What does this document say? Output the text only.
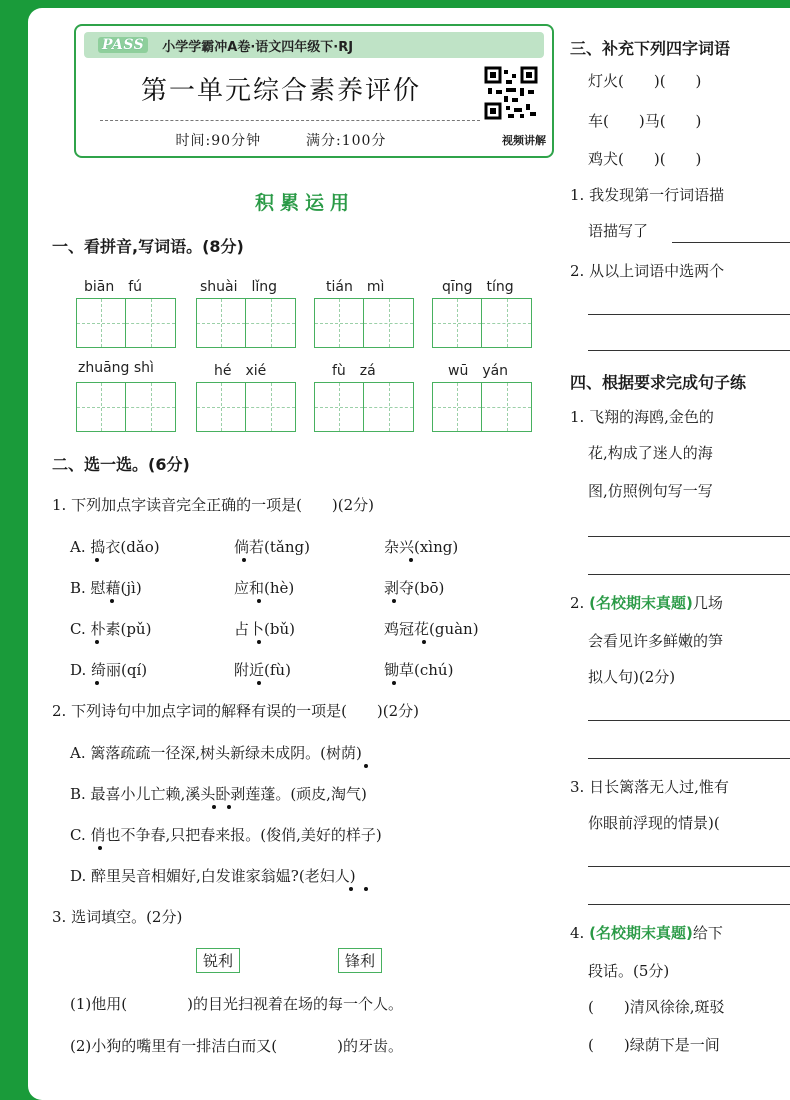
PASS	小学学霸冲A卷·语文四年级下·RJ
第一单元综合素养评价
时间:90分钟	满分:100分	视频讲解
积累运用
一、看拼音,写词语。(8分)
biān　fú	shuài　lǐng	tián　mì	qīng　tíng
zhuāng shì	hé　xié	fù　zá	wū　yán
二、选一选。(6分)
1. 下列加点字读音完全正确的一项是(　　)(2分)
A. 捣衣(dǎo)	倘若(tǎng)	杂兴(xìng)
B. 慰藉(jì)	应和(hè)	剥夺(bō)
C. 朴素(pǔ)	占卜(bǔ)	鸡冠花(guàn)
D. 绮丽(qí)	附近(fù)	锄草(chú)
2. 下列诗句中加点字词的解释有误的一项是(　　)(2分)
A. 篱落疏疏一径深,树头新绿未成阴。(树荫)
B. 最喜小儿亡赖,溪头卧剥莲蓬。(顽皮,淘气)
C. 俏也不争春,只把春来报。(俊俏,美好的样子)
D. 醉里吴音相媚好,白发谁家翁媪?(老妇人)
3. 选词填空。(2分)
锐利	锋利
(1)他用(　　　　)的目光扫视着在场的每一个人。
(2)小狗的嘴里有一排洁白而又(　　　　)的牙齿。
三、补充下列四字词语
灯火(　　)(　　)
车(　　)马(　　)
鸡犬(　　)(　　)
1. 我发现第一行词语描
语描写了
2. 从以上词语中选两个
四、根据要求完成句子练
1. 飞翔的海鸥,金色的
花,构成了迷人的海
图,仿照例句写一写
2. (名校期末真题)几场
会看见许多鲜嫩的笋
拟人句)(2分)
3. 日长篱落无人过,惟有
你眼前浮现的情景)(
4. (名校期末真题)给下
段话。(5分)
(　　)清风徐徐,斑驳
(　　)绿荫下是一间
